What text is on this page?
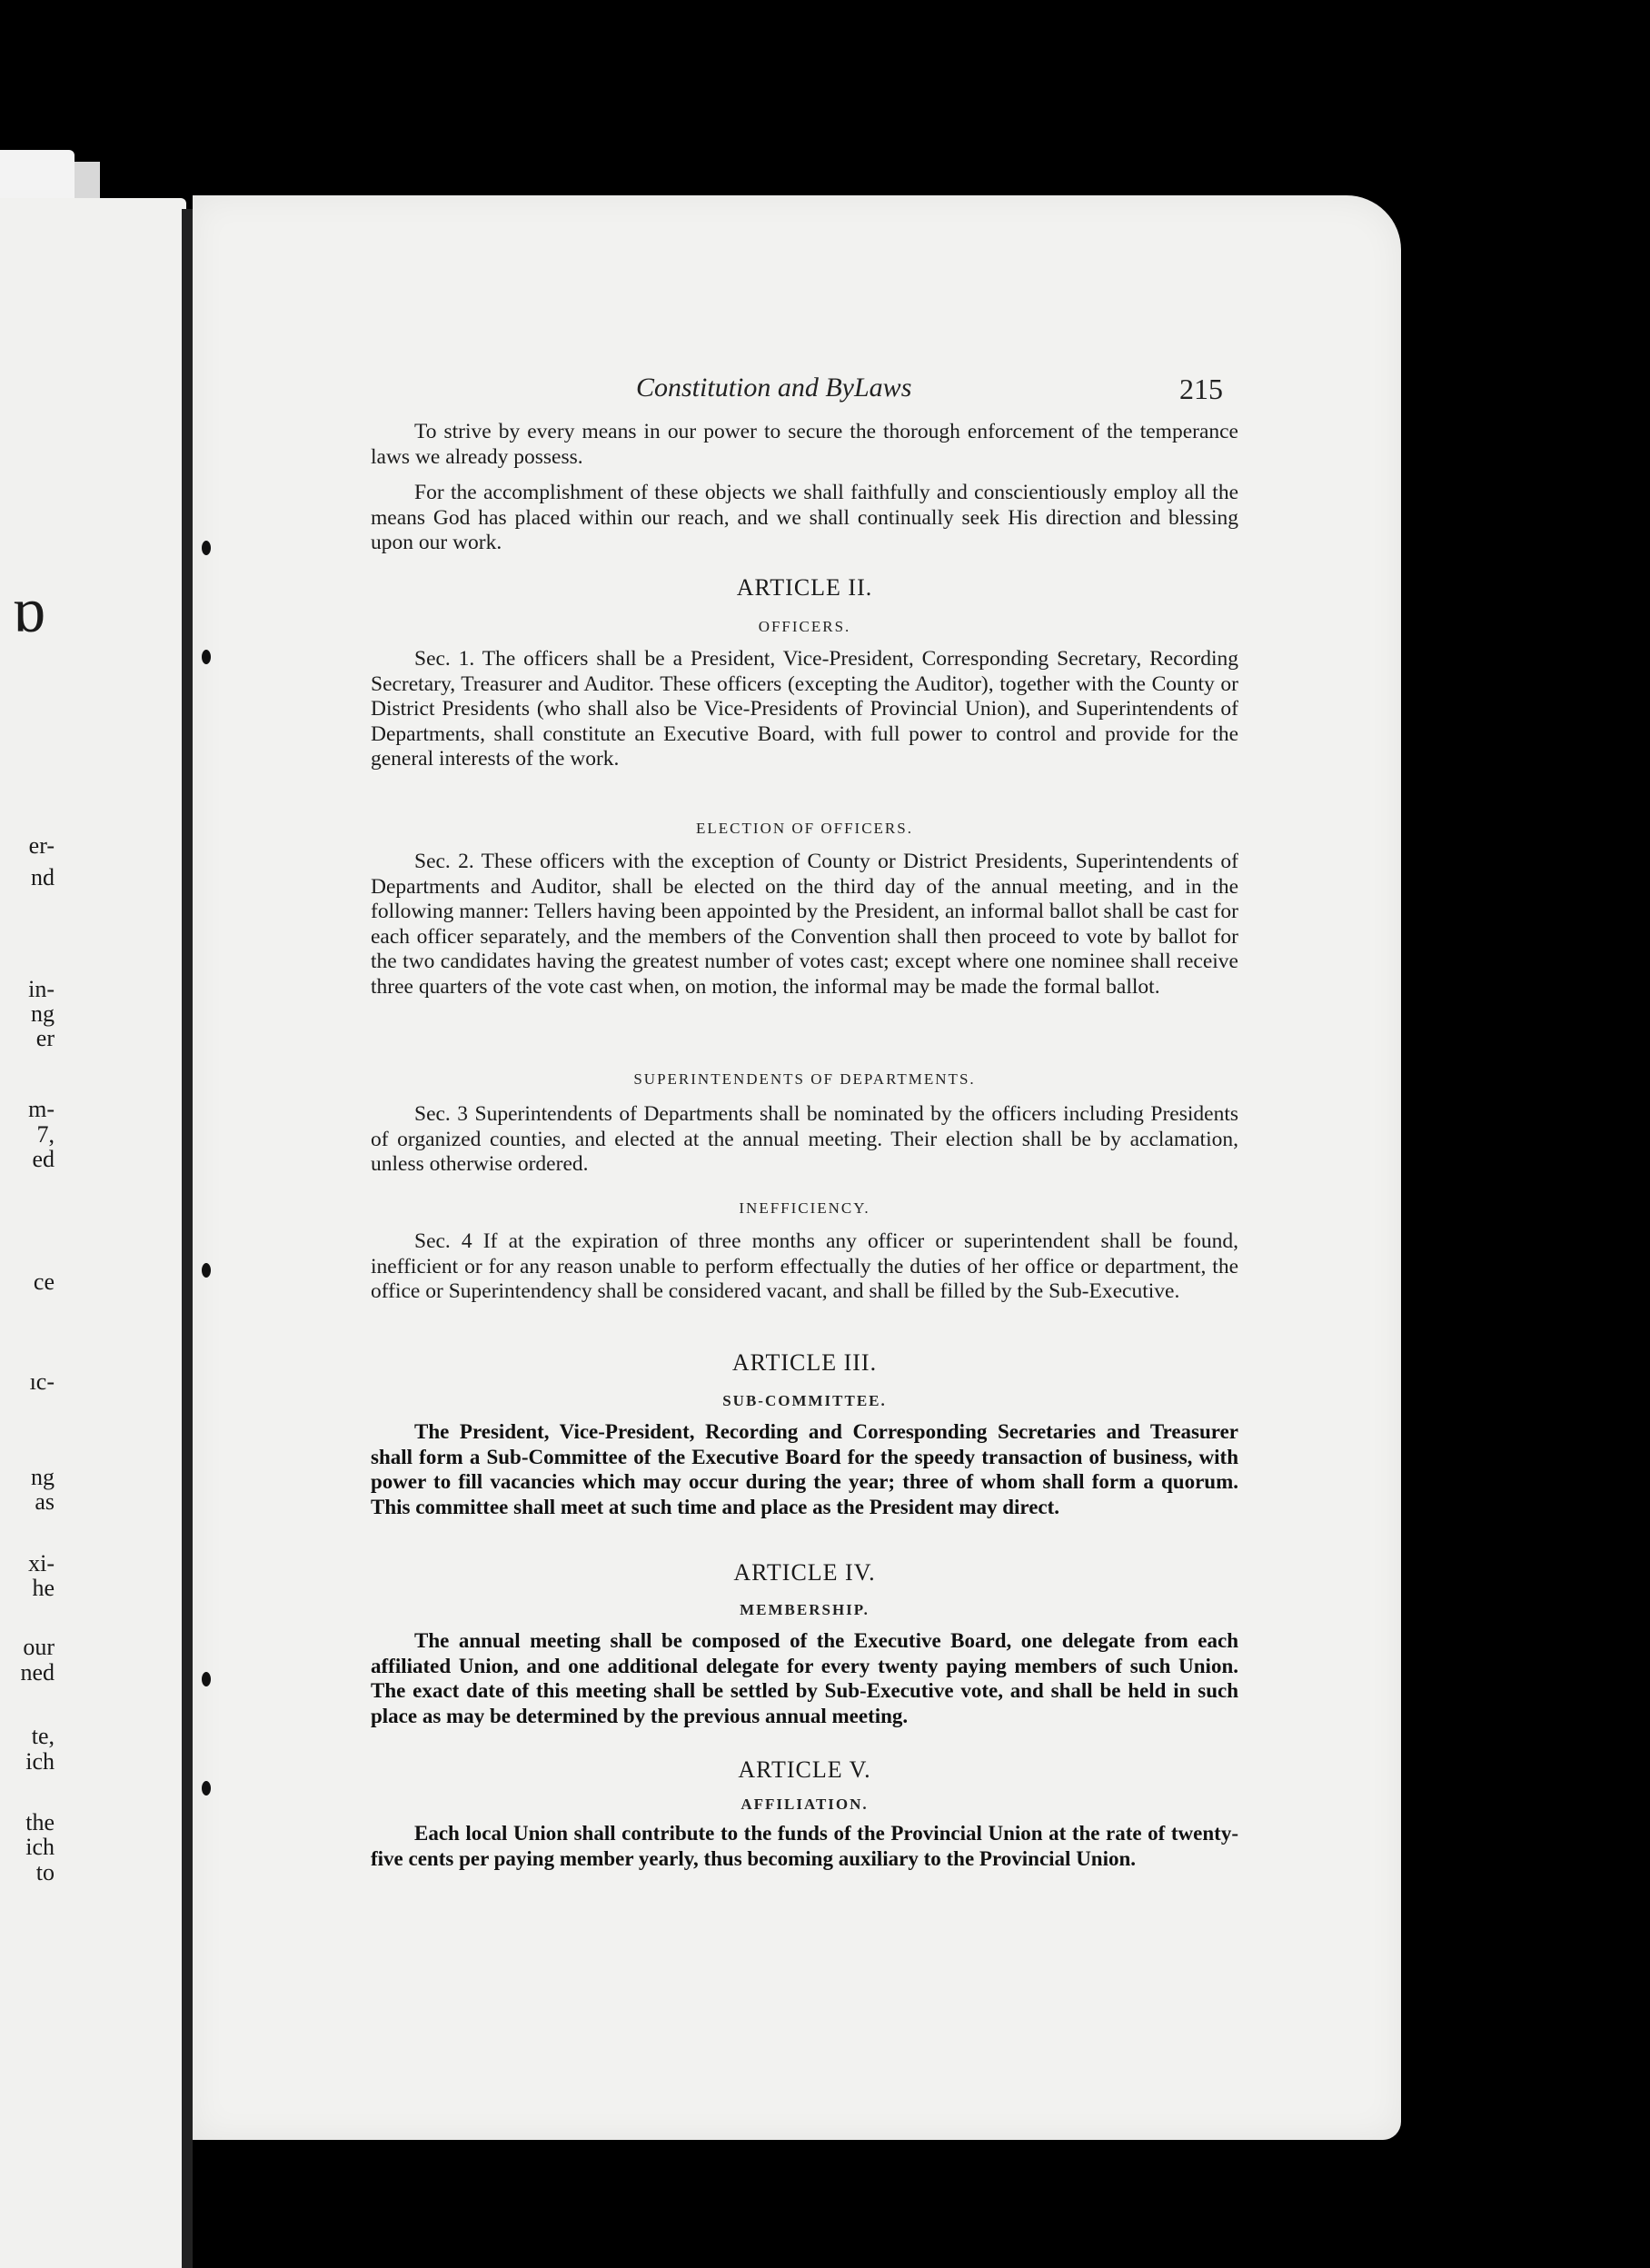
ɒ
er-
nd
in-
ng
er
m-
7,
ed
ce
ıc-
ng
as
xi-
he
our
ned
te,
ich
the
ich
to
Constitution and ByLaws	215

To strive by every means in our power to secure the thorough enforcement of the temperance laws we already possess.

For the accomplishment of these objects we shall faithfully and conscientiously employ all the means God has placed within our reach, and we shall continually seek His direction and blessing upon our work.

ARTICLE II.
OFFICERS.

Sec. 1. The officers shall be a President, Vice-President, Corresponding Secretary, Recording Secretary, Treasurer and Auditor. These officers (excepting the Auditor), together with the County or District Presidents (who shall also be Vice-Presidents of Provincial Union), and Superintendents of Departments, shall constitute an Executive Board, with full power to control and provide for the general interests of the work.

ELECTION OF OFFICERS.

Sec. 2. These officers with the exception of County or District Presidents, Superintendents of Departments and Auditor, shall be elected on the third day of the annual meeting, and in the following manner: Tellers having been appointed by the President, an informal ballot shall be cast for each officer separately, and the members of the Convention shall then proceed to vote by ballot for the two candidates having the greatest number of votes cast; except where one nominee shall receive three quarters of the vote cast when, on motion, the informal may be made the formal ballot.

SUPERINTENDENTS OF DEPARTMENTS.

Sec. 3 Superintendents of Departments shall be nominated by the officers including Presidents of organized counties, and elected at the annual meeting. Their election shall be by acclamation, unless otherwise ordered.

INEFFICIENCY.

Sec. 4 If at the expiration of three months any officer or superintendent shall be found, inefficient or for any reason unable to perform effectually the duties of her office or department, the office or Superintendency shall be considered vacant, and shall be filled by the Sub-Executive.

ARTICLE III.
SUB-COMMITTEE.

The President, Vice-President, Recording and Corresponding Secretaries and Treasurer shall form a Sub-Committee of the Executive Board for the speedy transaction of business, with power to fill vacancies which may occur during the year; three of whom shall form a quorum. This committee shall meet at such time and place as the President may direct.

ARTICLE IV.
MEMBERSHIP.

The annual meeting shall be composed of the Executive Board, one delegate from each affiliated Union, and one additional delegate for every twenty paying members of such Union. The exact date of this meeting shall be settled by Sub-Executive vote, and shall be held in such place as may be determined by the previous annual meeting.

ARTICLE V.
AFFILIATION.

Each local Union shall contribute to the funds of the Provincial Union at the rate of twenty-five cents per paying member yearly, thus becoming auxiliary to the Provincial Union.
